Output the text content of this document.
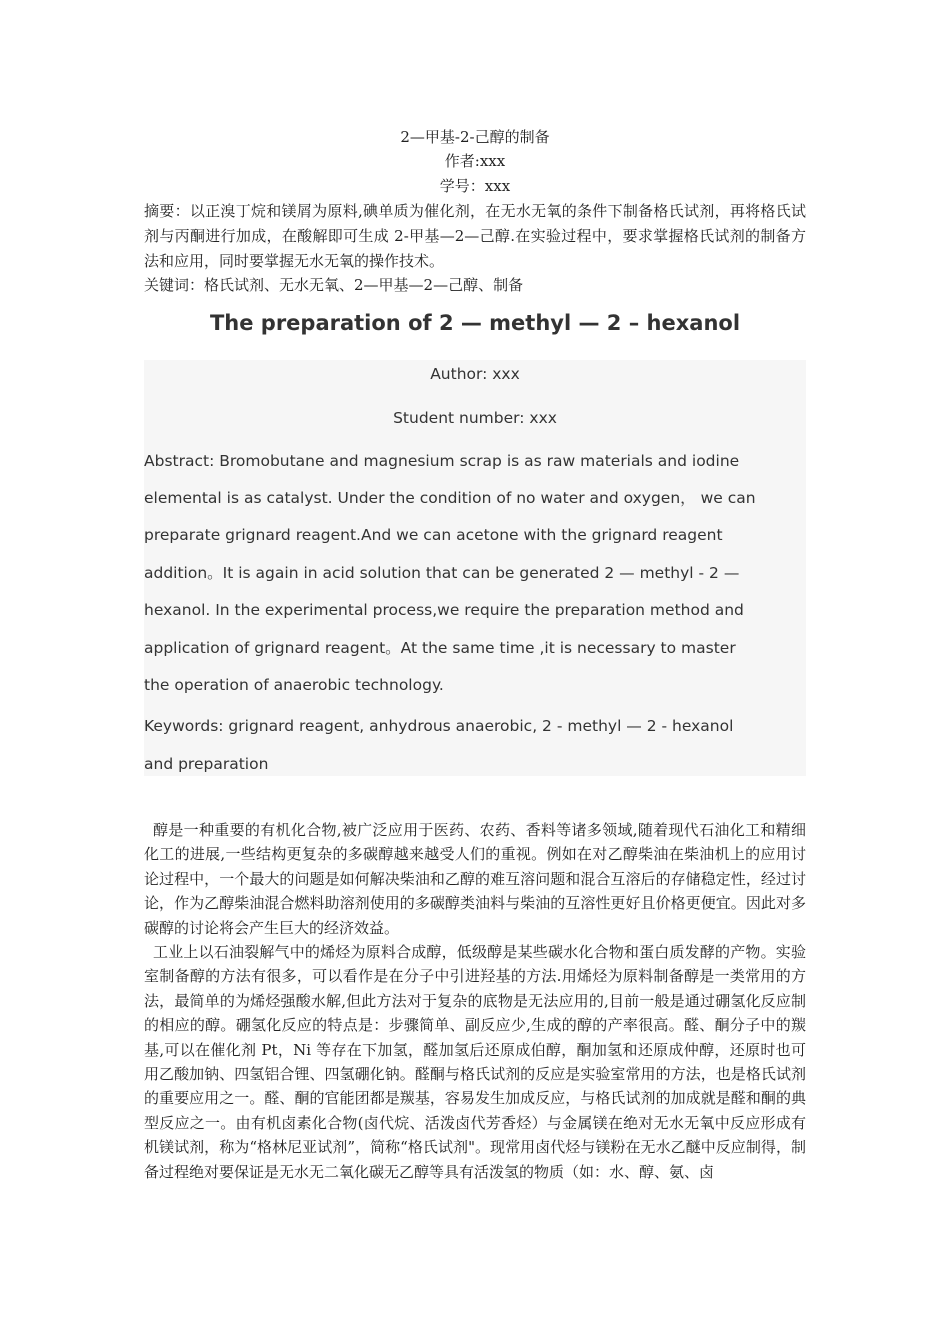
2—甲基-2-己醇的制备
作者:xxx
学号：xxx
摘要：以正溴丁烷和镁屑为原料,碘单质为催化剂，在无水无氧的条件下制备格氏试剂，再将格氏试剂与丙酮进行加成，在酸解即可生成 2-甲基—2—己醇.在实验过程中，要求掌握格氏试剂的制备方法和应用，同时要掌握无水无氧的操作技术。
关键词：格氏试剂、无水无氧、2—甲基—2—己醇、制备
The preparation of 2 — methyl — 2 – hexanol
Author: xxx
Student number: xxx
Abstract: Bromobutane and magnesium scrap is as raw materials and iodine
elemental is as catalyst. Under the condition of no water and oxygen， we can
preparate grignard reagent.And we can acetone with the grignard reagent
addition。It is again in acid solution that can be generated 2 — methyl - 2 —
hexanol. In the experimental process,we require the preparation method and
application of grignard reagent。At the same time ,it is necessary to master
the operation of anaerobic technology.
Keywords: grignard reagent, anhydrous anaerobic, 2 - methyl — 2 - hexanol
and preparation

醇是一种重要的有机化合物,被广泛应用于医药、农药、香料等诸多领域,随着现代石油化工和精细化工的进展,一些结构更复杂的多碳醇越来越受人们的重视。例如在对乙醇柴油在柴油机上的应用讨论过程中，一个最大的问题是如何解决柴油和乙醇的难互溶问题和混合互溶后的存储稳定性，经过讨论，作为乙醇柴油混合燃料助溶剂使用的多碳醇类油料与柴油的互溶性更好且价格更便宜。因此对多碳醇的讨论将会产生巨大的经济效益。

工业上以石油裂解气中的烯烃为原料合成醇，低级醇是某些碳水化合物和蛋白质发酵的产物。实验室制备醇的方法有很多，可以看作是在分子中引进羟基的方法.用烯烃为原料制备醇是一类常用的方法，最简单的为烯烃强酸水解,但此方法对于复杂的底物是无法应用的,目前一般是通过硼氢化反应制的相应的醇。硼氢化反应的特点是：步骤简单、副反应少,生成的醇的产率很高。醛、酮分子中的羰基,可以在催化剂 Pt，Ni 等存在下加氢，醛加氢后还原成伯醇，酮加氢和还原成仲醇，还原时也可用乙酸加钠、四氢铝合锂、四氢硼化钠。醛酮与格氏试剂的反应是实验室常用的方法，也是格氏试剂的重要应用之一。醛、酮的官能团都是羰基，容易发生加成反应，与格氏试剂的加成就是醛和酮的典型反应之一。由有机卤素化合物(卤代烷、活泼卤代芳香烃）与金属镁在绝对无水无氧中反应形成有机镁试剂，称为“格林尼亚试剂”，简称“格氏试剂"。现常用卤代烃与镁粉在无水乙醚中反应制得，制备过程绝对要保证是无水无二氧化碳无乙醇等具有活泼氢的物质（如：水、醇、氨、卤
